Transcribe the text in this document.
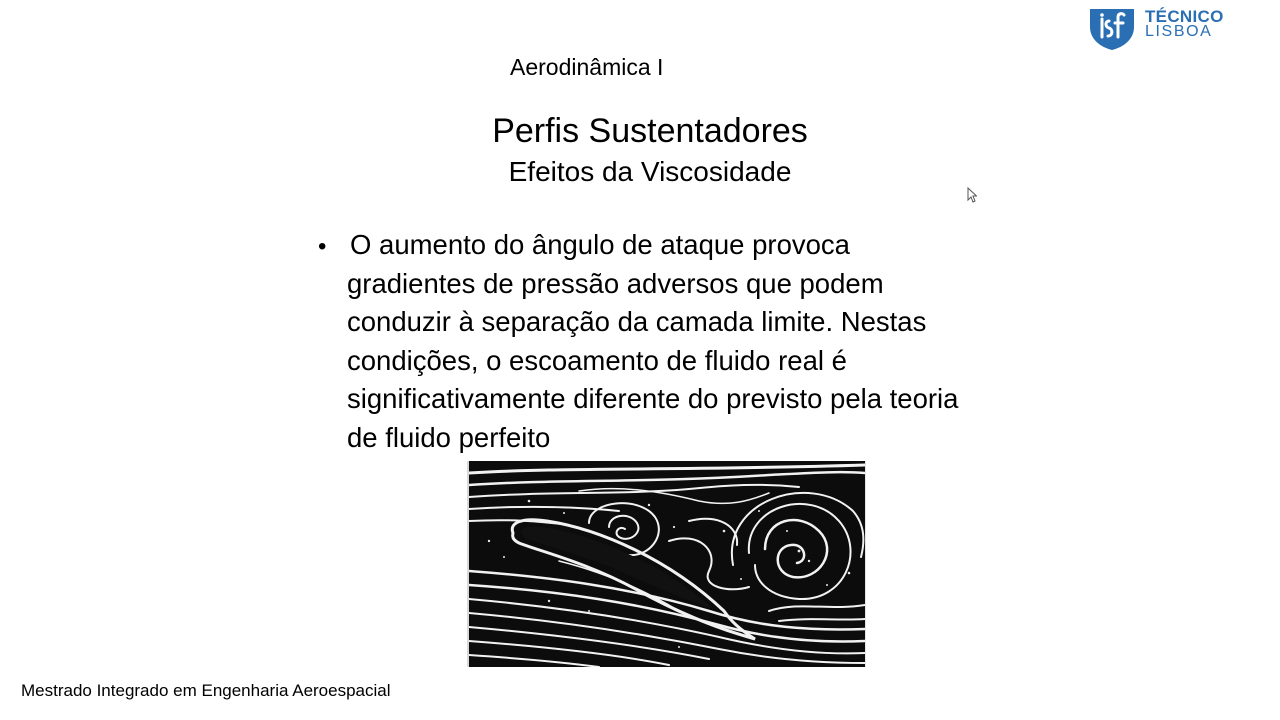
TÉCNICO
LISBOA
Aerodinâmica I
Perfis Sustentadores
Efeitos da Viscosidade
• O aumento do ângulo de ataque provoca
gradientes de pressão adversos que podem
conduzir à separação da camada limite. Nestas
condições, o escoamento de fluido real é
significativamente diferente do previsto pela teoria
de fluido perfeito
Mestrado Integrado em Engenharia Aeroespacial
